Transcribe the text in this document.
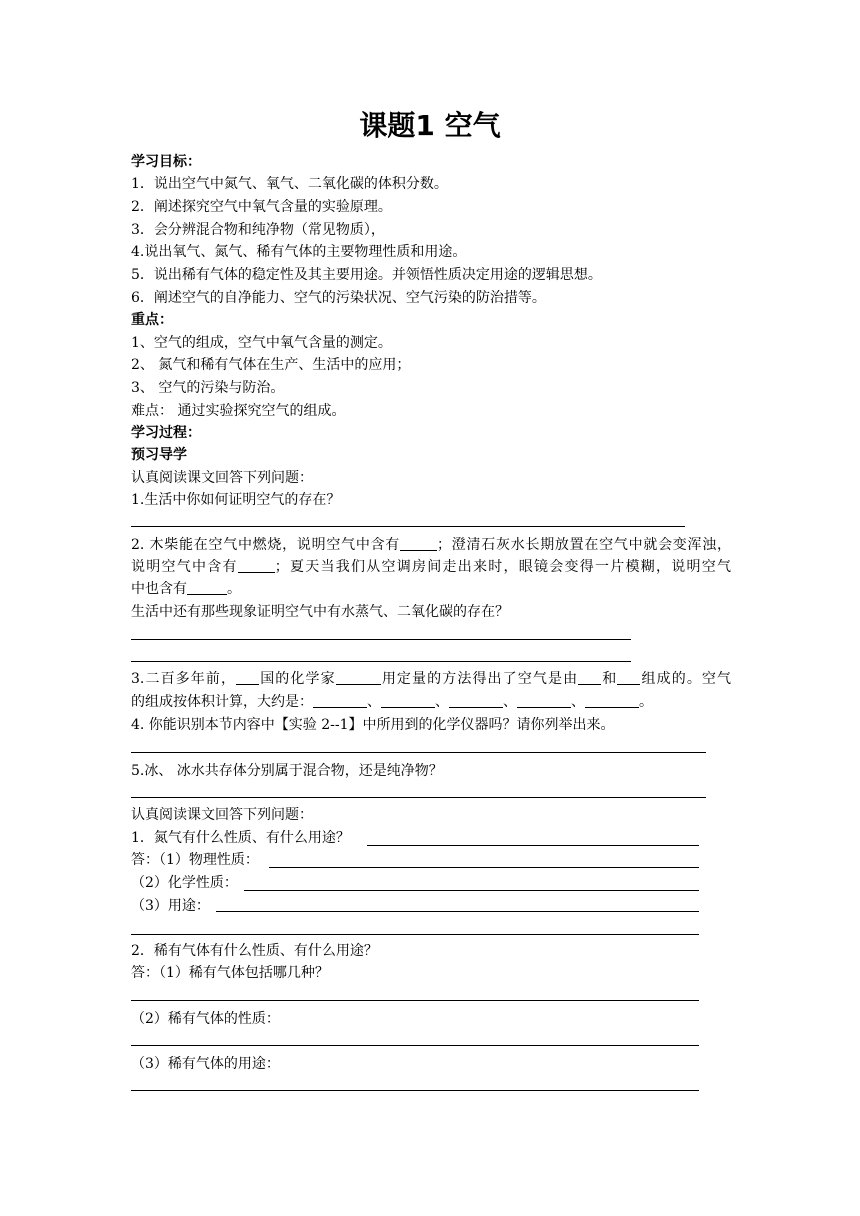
课题1 空气
学习目标：
1．说出空气中氮气、氧气、二氧化碳的体积分数。
2．阐述探究空气中氧气含量的实验原理。
3．会分辨混合物和纯净物（常见物质），
4.说出氧气、氮气、稀有气体的主要物理性质和用途。
5．说出稀有气体的稳定性及其主要用途。并领悟性质决定用途的逻辑思想。
6．阐述空气的自净能力、空气的污染状况、空气污染的防治措等。
重点：
1、空气的组成，空气中氧气含量的测定。
2、 氮气和稀有气体在生产、生活中的应用；
3、 空气的污染与防治。
难点： 通过实验探究空气的组成。
学习过程：
预习导学
认真阅读课文回答下列问题：
1.生活中你如何证明空气的存在？
2. 木柴能在空气中燃烧，说明空气中含有	；澄清石灰水长期放置在空气中就会变浑浊，
说明空气中含有	；夏天当我们从空调房间走出来时，眼镜会变得一片模糊，说明空气
中也含有	。
生活中还有那些现象证明空气中有水蒸气、二氧化碳的存在？
3.二百多年前， 国的化学家	用定量的方法得出了空气是由 和 组成的。空气
的组成按体积计算，大约是：	、	、	、	、	。
4. 你能识别本节内容中【实验 2--1】中所用到的化学仪器吗？请你列举出来。
5.冰、 冰水共存体分别属于混合物，还是纯净物？
认真阅读课文回答下列问题：
1．氮气有什么性质、有什么用途？
答：（1）物理性质：
（2）化学性质：
（3）用途：
2．稀有气体有什么性质、有什么用途？
答：（1）稀有气体包括哪几种？
（2）稀有气体的性质：
（3）稀有气体的用途：
